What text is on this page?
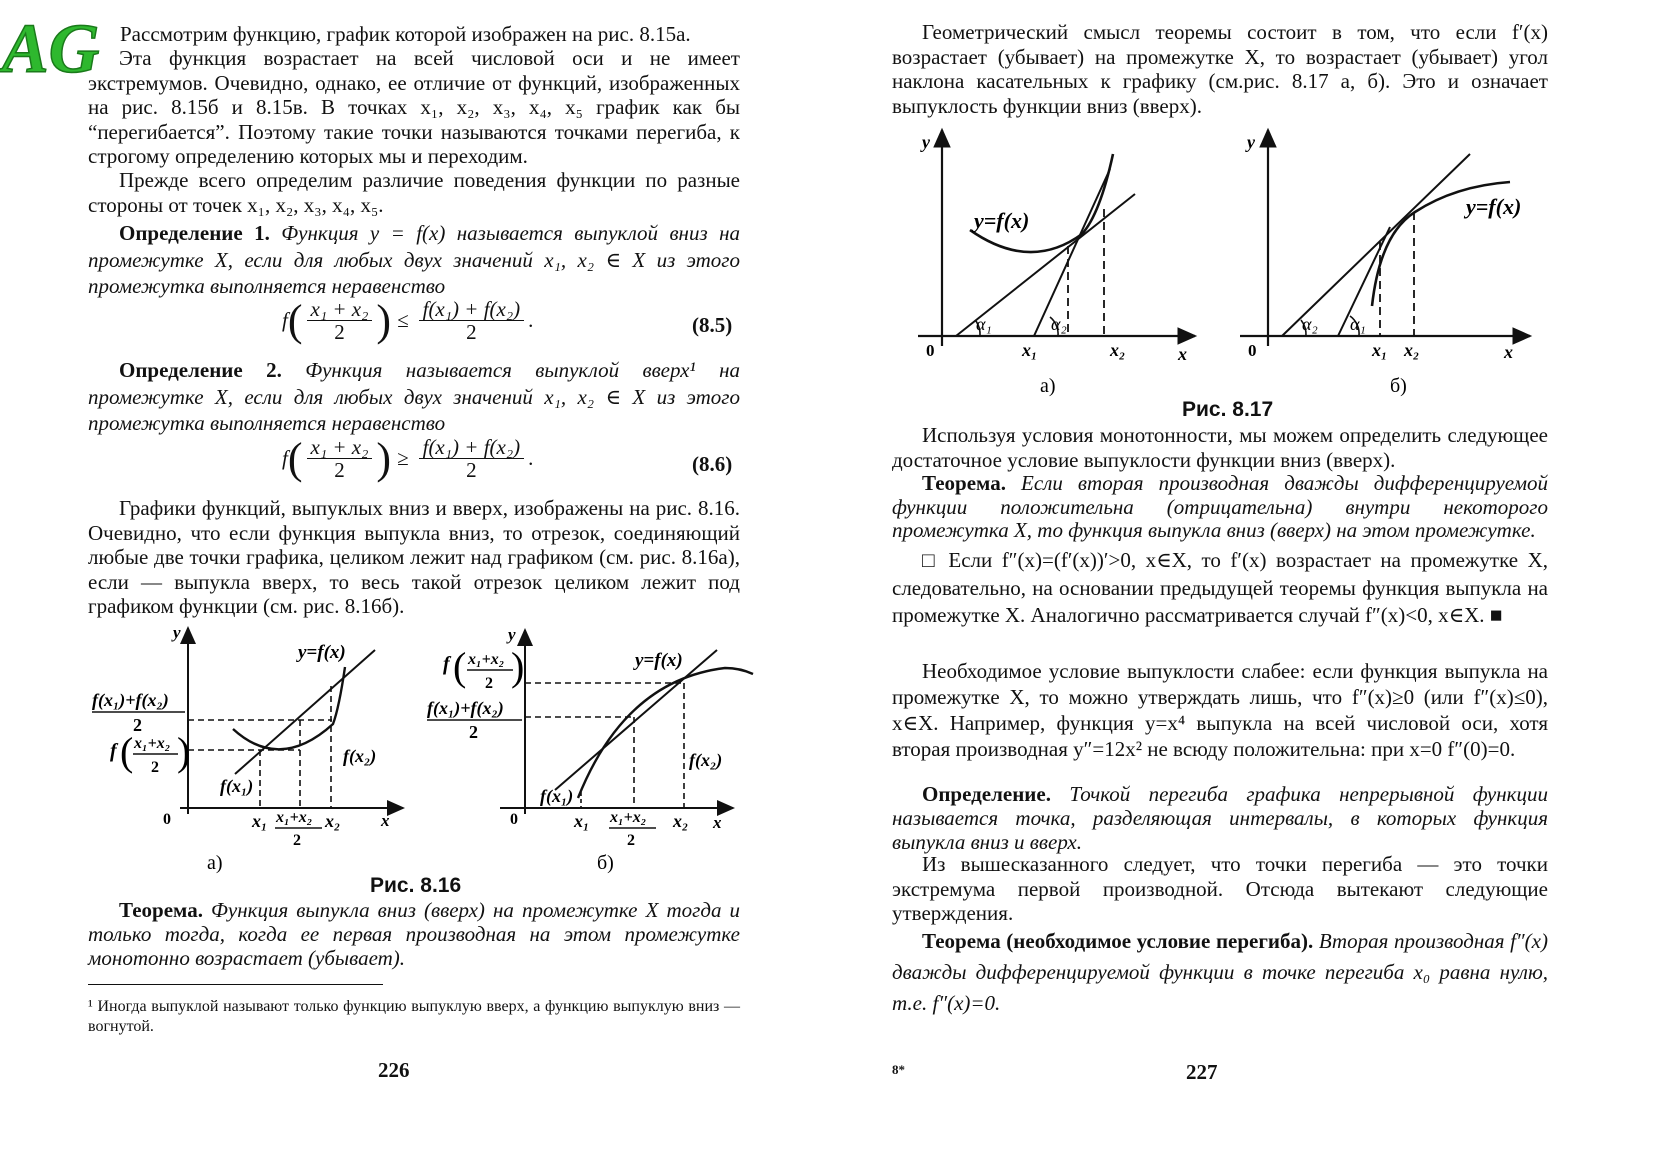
AG Рассмотрим функцию, график которой изображен на рис. 8.15а.

Эта функция возрастает на всей числовой оси и не имеет экстремумов. Очевидно, однако, ее отличие от функций, изображенных на рис. 8.15б и 8.15в. В точках x₁, x₂, x₃, x₄, x₅ график как бы “перегибается”. Поэтому такие точки называются точками перегиба, к строгому определению которых мы и переходим.

Прежде всего определим различие поведения функции по разные стороны от точек x₁, x₂, x₃, x₄, x₅.

Определение 1. Функция y = f(x) называется выпуклой вниз на промежутке X, если для любых двух значений x₁, x₂ ∈ X из этого промежутка выполняется неравенство

f ( $\frac{\text{x₁ + x₂}}{2}$ ) ≤ $\frac{\text{f(x₁) + f(x₂)}}{2}$ .	(8.5)

Определение 2. Функция называется выпуклой вверх¹ на промежутке X, если для любых двух значений x₁, x₂ ∈ X из этого промежутка выполняется неравенство

f ( $\frac{\text{x₁ + x₂}}{2}$ ) ≥ $\frac{\text{f(x₁) + f(x₂)}}{2}$ .	(8.6)

Графики функций, выпуклых вниз и вверх, изображены на рис. 8.16. Очевидно, что если функция выпукла вниз, то отрезок, соединяющий любые две точки графика, целиком лежит над графиком (см. рис. 8.16а), если — выпукла вверх, то весь такой отрезок целиком лежит под графиком функции (см. рис. 8.16б).

y
x
0
y=f(x)
f(x₁)+f(x₂)
2
f ( x₁+x₂
2 )
f(x₁)
f(x₂)
x₁ x₁+x₂
2
x₂
а)
y
x
0
y=f(x)
f ( x₁+x₂
2 )
f(x₁)+f(x₂)
2
f(x₁)
f(x₂)
x₁ x₁+x₂
2
x₂
б)
Рис. 8.16

Теорема. Функция выпукла вниз (вверх) на промежутке X тогда и только тогда, когда ее первая производная на этом промежутке монотонно возрастает (убывает).

¹ Иногда выпуклой называют только функцию выпуклую вверх, а функцию выпуклую вниз — вогнутой.

226

Геометрический смысл теоремы состоит в том, что если f′(x) возрастает (убывает) на промежутке X, то возрастает (убывает) угол наклона касательных к графику (см.рис. 8.17 а, б). Это и означает выпуклость функции вниз (вверх).

y
x
0
α₁	α₂
y=f(x)
x₁	x₂
а)
y
x
0
α₂ α₁
y=f(x)
x₁ x₂
б)
Рис. 8.17

Используя условия монотонности, мы можем определить следующее достаточное условие выпуклости функции вниз (вверх).

Теорема. Если вторая производная дважды дифференцируемой функции положительна (отрицательна) внутри некоторого промежутка X, то функция выпукла вниз (вверх) на этом промежутке.

□ Если f″(x)=(f′(x))′>0, x∈X, то f′(x) возрастает на промежутке X, следовательно, на основании предыдущей теоремы функция выпукла на промежутке X. Аналогично рассматривается случай f″(x)<0, x∈X. ■

Необходимое условие выпуклости слабее: если функция выпукла на промежутке X, то можно утверждать лишь, что f″(x)≥0 (или f″(x)≤0), x∈X. Например, функция y=x⁴ выпукла на всей числовой оси, хотя вторая производная y″=12x² не всюду положительна: при x=0 f″(0)=0.

Определение. Точкой перегиба графика непрерывной функции называется точка, разделяющая интервалы, в которых функция выпукла вниз и вверх.

Из вышесказанного следует, что точки перегиба — это точки экстремума первой производной. Отсюда вытекают следующие утверждения.

Теорема (необходимое условие перегиба). Вторая производная f″(x) дважды дифференцируемой функции в точке перегиба x₀ равна нулю, т.е. f″(x)=0.

8*	227
